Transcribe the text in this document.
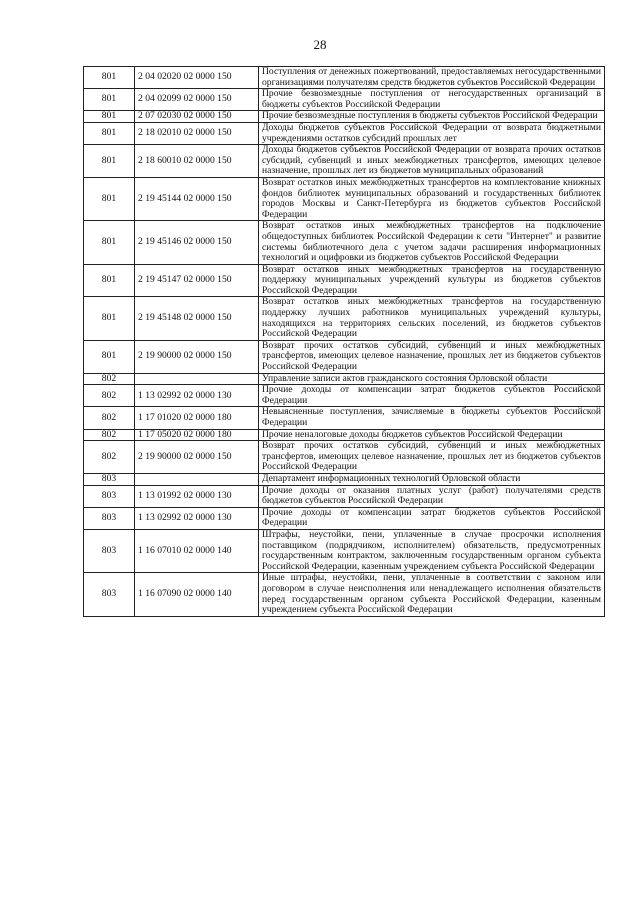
28
801	2 04 02020 02 0000 150	Поступления от денежных пожертвований, предоставляемых негосударственными организациями получателям средств бюджетов субъектов Российской Федерации
801	2 04 02099 02 0000 150	Прочие безвозмездные поступления от негосударственных организаций в бюджеты субъектов Российской Федерации
801	2 07 02030 02 0000 150	Прочие безвозмездные поступления в бюджеты субъектов Российской Федерации
801	2 18 02010 02 0000 150	Доходы бюджетов субъектов Российской Федерации от возврата бюджетными учреждениями остатков субсидий прошлых лет
801	2 18 60010 02 0000 150	Доходы бюджетов субъектов Российской Федерации от возврата прочих остатков субсидий, субвенций и иных межбюджетных трансфертов, имеющих целевое назначение, прошлых лет из бюджетов муниципальных образований
801	2 19 45144 02 0000 150	Возврат остатков иных межбюджетных трансфертов на комплектование книжных фондов библиотек муниципальных образований и государственных библиотек городов Москвы и Санкт-Петербурга из бюджетов субъектов Российской Федерации
801	2 19 45146 02 0000 150	Возврат остатков иных межбюджетных трансфертов на подключение общедоступных библиотек Российской Федерации к сети "Интернет" и развитие системы библиотечного дела с учетом задачи расширения информационных технологий и оцифровки из бюджетов субъектов Российской Федерации
801	2 19 45147 02 0000 150	Возврат остатков иных межбюджетных трансфертов на государственную поддержку муниципальных учреждений культуры из бюджетов субъектов Российской Федерации
801	2 19 45148 02 0000 150	Возврат остатков иных межбюджетных трансфертов на государственную поддержку лучших работников муниципальных учреждений культуры, находящихся на территориях сельских поселений, из бюджетов субъектов Российской Федерации
801	2 19 90000 02 0000 150	Возврат прочих остатков субсидий, субвенций и иных межбюджетных трансфертов, имеющих целевое назначение, прошлых лет из бюджетов субъектов Российской Федерации
802		Управление записи актов гражданского состояния Орловской области
802	1 13 02992 02 0000 130	Прочие доходы от компенсации затрат бюджетов субъектов Российской Федерации
802	1 17 01020 02 0000 180	Невыясненные поступления, зачисляемые в бюджеты субъектов Российской Федерации
802	1 17 05020 02 0000 180	Прочие неналоговые доходы бюджетов субъектов Российской Федерации
802	2 19 90000 02 0000 150	Возврат прочих остатков субсидий, субвенций и иных межбюджетных трансфертов, имеющих целевое назначение, прошлых лет из бюджетов субъектов Российской Федерации
803		Департамент информационных технологий Орловской области
803	1 13 01992 02 0000 130	Прочие доходы от оказания платных услуг (работ) получателями средств бюджетов субъектов Российской Федерации
803	1 13 02992 02 0000 130	Прочие доходы от компенсации затрат бюджетов субъектов Российской Федерации
803	1 16 07010 02 0000 140	Штрафы, неустойки, пени, уплаченные в случае просрочки исполнения поставщиком (подрядчиком, исполнителем) обязательств, предусмотренных государственным контрактом, заключенным государственным органом субъекта Российской Федерации, казенным учреждением субъекта Российской Федерации
803	1 16 07090 02 0000 140	Иные штрафы, неустойки, пени, уплаченные в соответствии с законом или договором в случае неисполнения или ненадлежащего исполнения обязательств перед государственным органом субъекта Российской Федерации, казенным учреждением субъекта Российской Федерации
